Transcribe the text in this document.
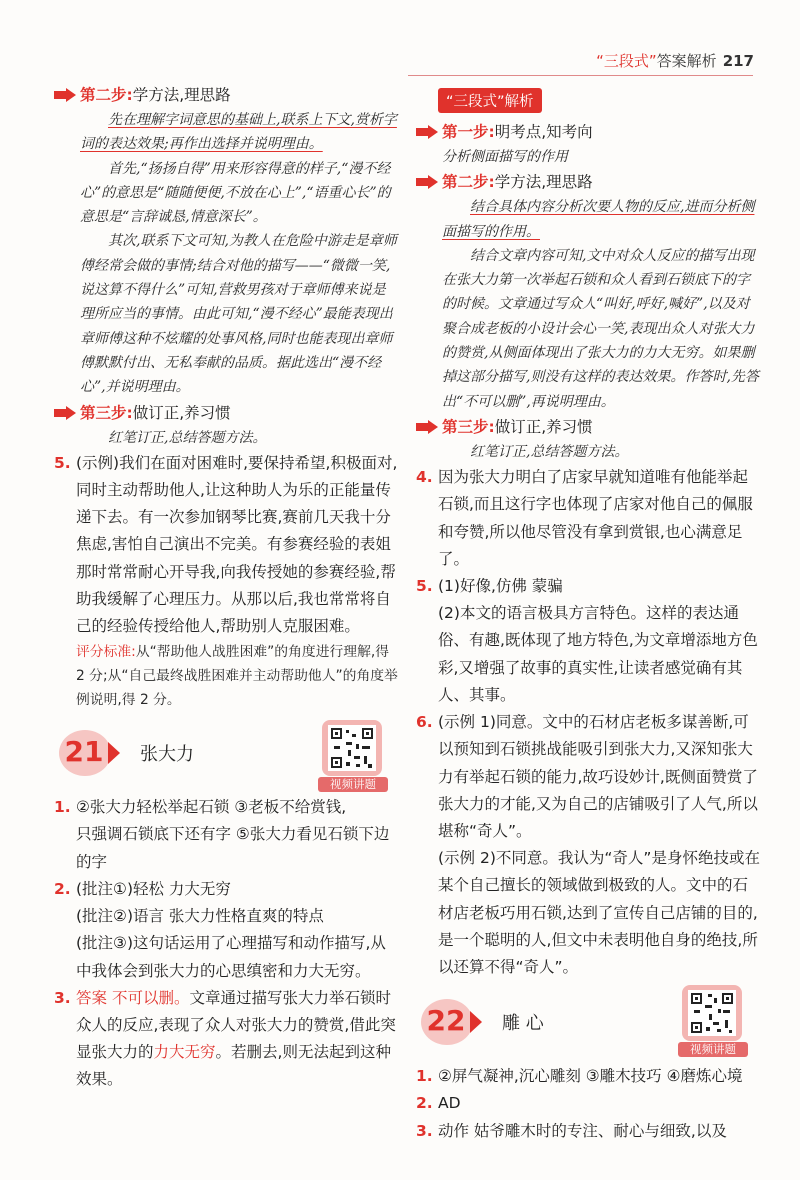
“三段式”答案解析 217
第二步:学方法,理思路
先在理解字词意思的基础上,联系上下文,赏析字词的表达效果;再作出选择并说明理由。
首先,“扬扬自得”用来形容得意的样子,“漫不经心”的意思是“随随便便,不放在心上”,“语重心长”的意思是“言辞诚恳,情意深长”。
其次,联系下文可知,为教人在危险中游走是章师傅经常会做的事情;结合对他的描写——“微微一笑,说这算不得什么”可知,营救男孩对于章师傅来说是理所应当的事情。由此可知,“漫不经心”最能表现出章师傅这种不炫耀的处事风格,同时也能表现出章师傅默默付出、无私奉献的品质。据此选出“漫不经心”,并说明理由。
第三步:做订正,养习惯
红笔订正,总结答题方法。
5. (示例)我们在面对困难时,要保持希望,积极面对,同时主动帮助他人,让这种助人为乐的正能量传递下去。有一次参加钢琴比赛,赛前几天我十分焦虑,害怕自己演出不完美。有参赛经验的表姐那时常常耐心开导我,向我传授她的参赛经验,帮助我缓解了心理压力。从那以后,我也常常将自己的经验传授给他人,帮助别人克服困难。
评分标准:从“帮助他人战胜困难”的角度进行理解,得 2 分;从“自己最终战胜困难并主动帮助他人”的角度举例说明,得 2 分。
21 张大力
视频讲题
1. ②张大力轻松举起石锁 ③老板不给赏钱,
只强调石锁底下还有字 ⑤张大力看见石锁下边的字
2. (批注①)轻松 力大无穷
(批注②)语言 张大力性格直爽的特点
(批注③)这句话运用了心理描写和动作描写,从中我体会到张大力的心思缜密和力大无穷。
3. 答案 不可以删。文章通过描写张大力举石锁时众人的反应,表现了众人对张大力的赞赏,借此突显张大力的力大无穷。若删去,则无法起到这种效果。
“三段式”解析
第一步:明考点,知考向
分析侧面描写的作用
第二步:学方法,理思路
结合具体内容分析次要人物的反应,进而分析侧面描写的作用。
结合文章内容可知,文中对众人反应的描写出现在张大力第一次举起石锁和众人看到石锁底下的字的时候。文章通过写众人“叫好,呼好,喊好”,以及对聚合成老板的小设计会心一笑,表现出众人对张大力的赞赏,从侧面体现出了张大力的力大无穷。如果删掉这部分描写,则没有这样的表达效果。作答时,先答出“不可以删”,再说明理由。
第三步:做订正,养习惯
红笔订正,总结答题方法。
4. 因为张大力明白了店家早就知道唯有他能举起石锁,而且这行字也体现了店家对他自己的佩服和夸赞,所以他尽管没有拿到赏银,也心满意足了。
5. (1)好像,仿佛 蒙骗
(2)本文的语言极具方言特色。这样的表达通俗、有趣,既体现了地方特色,为文章增添地方色彩,又增强了故事的真实性,让读者感觉确有其人、其事。
6. (示例 1)同意。文中的石材店老板多谋善断,可以预知到石锁挑战能吸引到张大力,又深知张大力有举起石锁的能力,故巧设妙计,既侧面赞赏了张大力的才能,又为自己的店铺吸引了人气,所以堪称“奇人”。
(示例 2)不同意。我认为“奇人”是身怀绝技或在某个自己擅长的领域做到极致的人。文中的石材店老板巧用石锁,达到了宣传自己店铺的目的,是一个聪明的人,但文中未表明他自身的绝技,所以还算不得“奇人”。
22 雕 心
视频讲题
1. ②屏气凝神,沉心雕刻 ③雕木技巧 ④磨炼心境
2. AD
3. 动作 姑爷雕木时的专注、耐心与细致,以及
